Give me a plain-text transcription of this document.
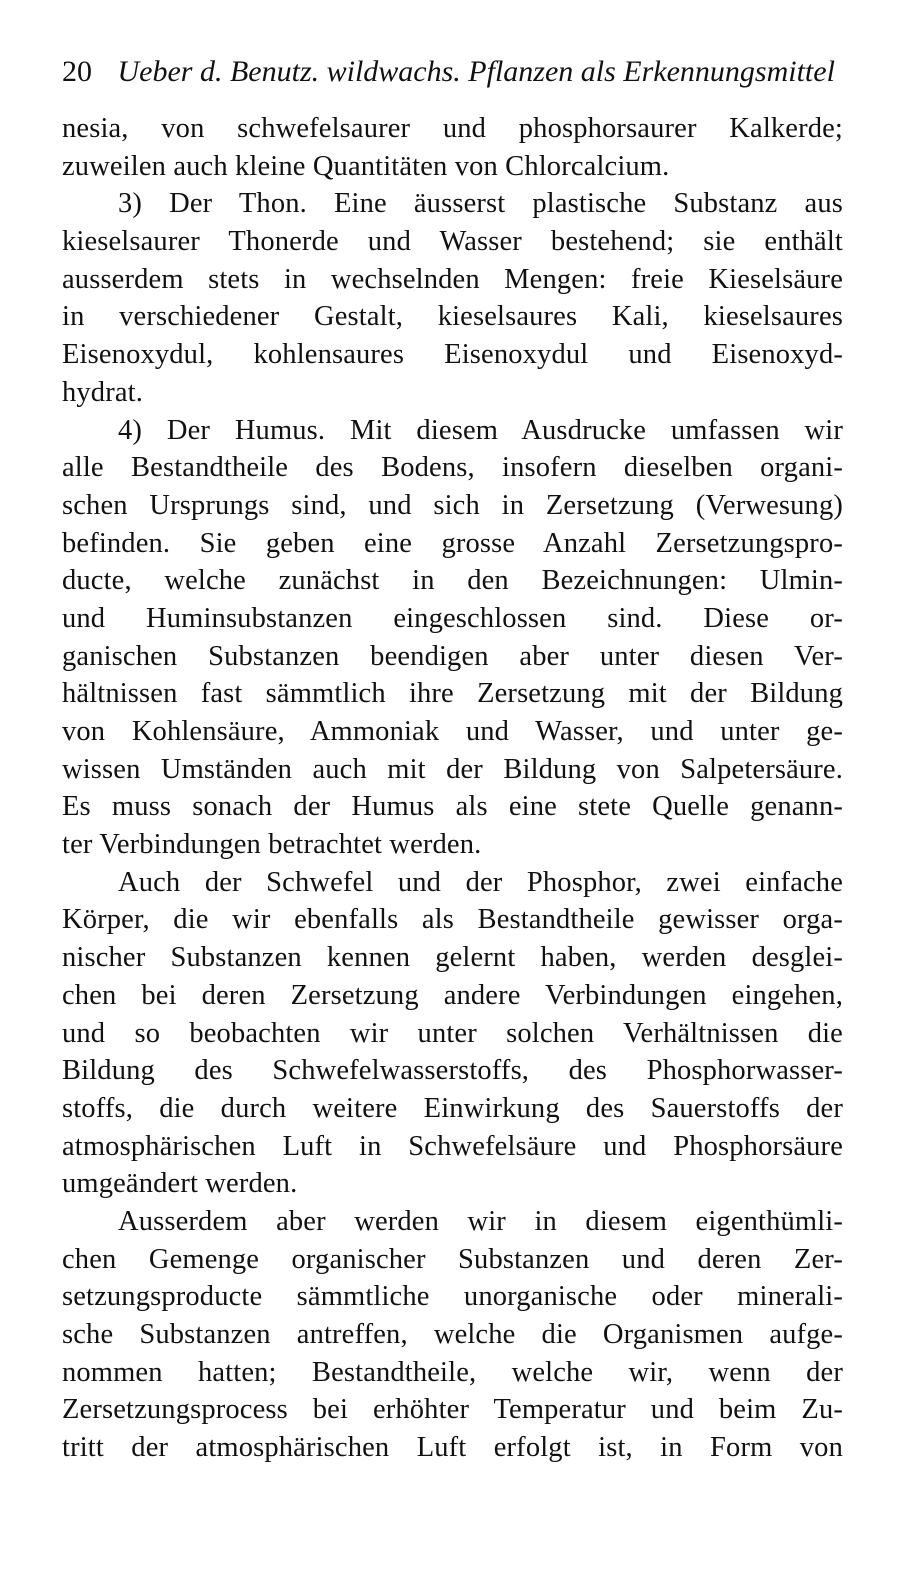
20 Ueber d. Benutz. wildwachs. Pflanzen als Erkennungsmittel
nesia, von schwefelsaurer und phosphorsaurer Kalkerde;
zuweilen auch kleine Quantitäten von Chlorcalcium.
3) Der Thon. Eine äusserst plastische Substanz aus
kieselsaurer Thonerde und Wasser bestehend; sie enthält
ausserdem stets in wechselnden Mengen: freie Kieselsäure
in verschiedener Gestalt, kieselsaures Kali, kieselsaures
Eisenoxydul, kohlensaures Eisenoxydul und Eisenoxyd-
hydrat.
4) Der Humus. Mit diesem Ausdrucke umfassen wir
alle Bestandtheile des Bodens, insofern dieselben organi-
schen Ursprungs sind, und sich in Zersetzung (Verwesung)
befinden. Sie geben eine grosse Anzahl Zersetzungspro-
ducte, welche zunächst in den Bezeichnungen: Ulmin-
und Huminsubstanzen eingeschlossen sind. Diese or-
ganischen Substanzen beendigen aber unter diesen Ver-
hältnissen fast sämmtlich ihre Zersetzung mit der Bildung
von Kohlensäure, Ammoniak und Wasser, und unter ge-
wissen Umständen auch mit der Bildung von Salpetersäure.
Es muss sonach der Humus als eine stete Quelle genann-
ter Verbindungen betrachtet werden.
Auch der Schwefel und der Phosphor, zwei einfache
Körper, die wir ebenfalls als Bestandtheile gewisser orga-
nischer Substanzen kennen gelernt haben, werden desglei-
chen bei deren Zersetzung andere Verbindungen eingehen,
und so beobachten wir unter solchen Verhältnissen die
Bildung des Schwefelwasserstoffs, des Phosphorwasser-
stoffs, die durch weitere Einwirkung des Sauerstoffs der
atmosphärischen Luft in Schwefelsäure und Phosphorsäure
umgeändert werden.
Ausserdem aber werden wir in diesem eigenthümli-
chen Gemenge organischer Substanzen und deren Zer-
setzungsproducte sämmtliche unorganische oder minerali-
sche Substanzen antreffen, welche die Organismen aufge-
nommen hatten; Bestandtheile, welche wir, wenn der
Zersetzungsprocess bei erhöhter Temperatur und beim Zu-
tritt der atmosphärischen Luft erfolgt ist, in Form von
